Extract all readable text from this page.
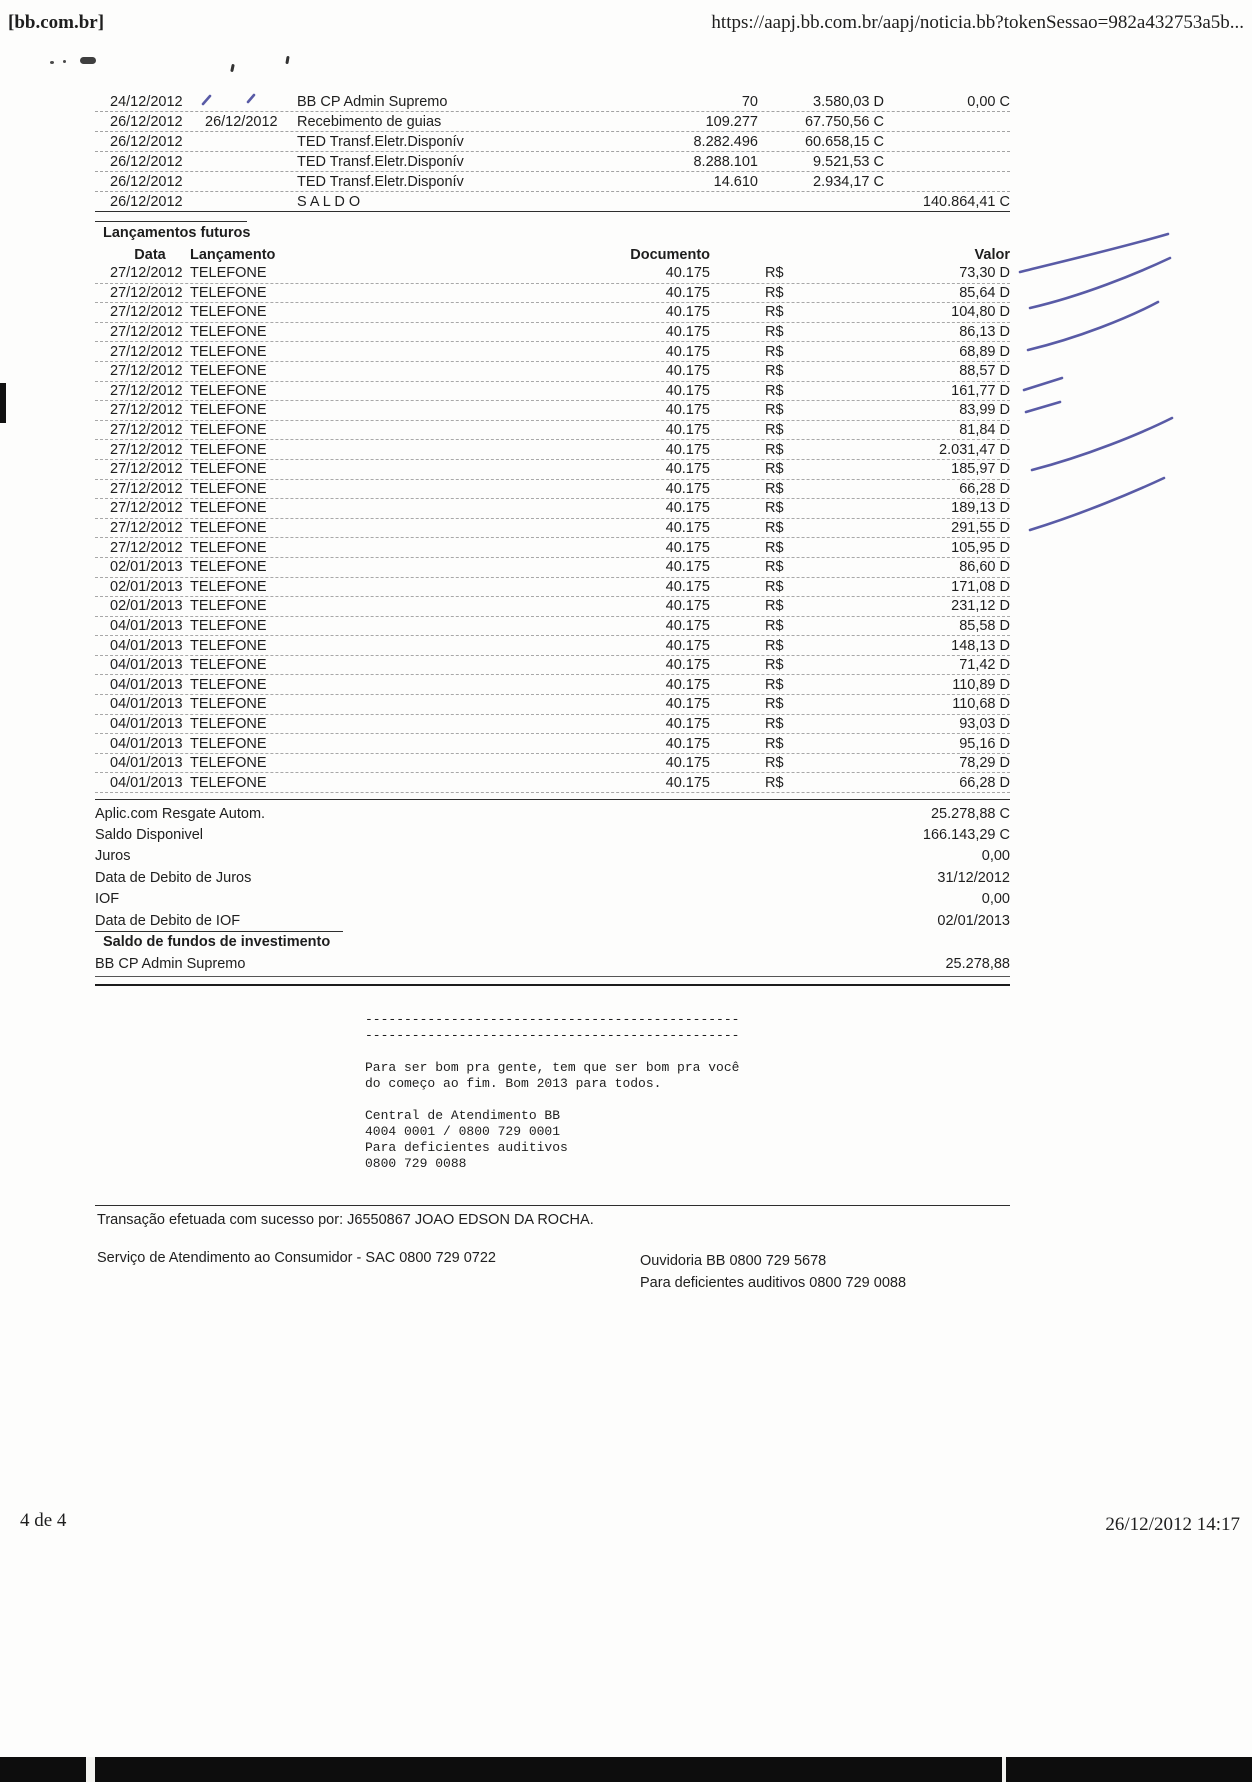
[bb.com.br]	https://aapj.bb.com.br/aapj/noticia.bb?tokenSessao=982a432753a5b...
24/12/2012	BB CP Admin Supremo	70	3.580,03 D	0,00 C
26/12/2012	26/12/2012	Recebimento de guias	109.277	67.750,56 C
26/12/2012	TED Transf.Eletr.Disponív	8.282.496	60.658,15 C
26/12/2012	TED Transf.Eletr.Disponív	8.288.101	9.521,53 C
26/12/2012	TED Transf.Eletr.Disponív	14.610	2.934,17 C
26/12/2012	S A L D O	140.864,41 C
Lançamentos futuros
Data	Lançamento	Documento	Valor
27/12/2012 TELEFONE	40.175	R$	73,30 D
27/12/2012 TELEFONE	40.175	R$	85,64 D
27/12/2012 TELEFONE	40.175	R$	104,80 D
27/12/2012 TELEFONE	40.175	R$	86,13 D
27/12/2012 TELEFONE	40.175	R$	68,89 D
27/12/2012 TELEFONE	40.175	R$	88,57 D
27/12/2012 TELEFONE	40.175	R$	161,77 D
27/12/2012 TELEFONE	40.175	R$	83,99 D
27/12/2012 TELEFONE	40.175	R$	81,84 D
27/12/2012 TELEFONE	40.175	R$	2.031,47 D
27/12/2012 TELEFONE	40.175	R$	185,97 D
27/12/2012 TELEFONE	40.175	R$	66,28 D
27/12/2012 TELEFONE	40.175	R$	189,13 D
27/12/2012 TELEFONE	40.175	R$	291,55 D
27/12/2012 TELEFONE	40.175	R$	105,95 D
02/01/2013 TELEFONE	40.175	R$	86,60 D
02/01/2013 TELEFONE	40.175	R$	171,08 D
02/01/2013 TELEFONE	40.175	R$	231,12 D
04/01/2013 TELEFONE	40.175	R$	85,58 D
04/01/2013 TELEFONE	40.175	R$	148,13 D
04/01/2013 TELEFONE	40.175	R$	71,42 D
04/01/2013 TELEFONE	40.175	R$	110,89 D
04/01/2013 TELEFONE	40.175	R$	110,68 D
04/01/2013 TELEFONE	40.175	R$	93,03 D
04/01/2013 TELEFONE	40.175	R$	95,16 D
04/01/2013 TELEFONE	40.175	R$	78,29 D
04/01/2013 TELEFONE	40.175	R$	66,28 D
Aplic.com Resgate Autom.	25.278,88 C
Saldo Disponivel	166.143,29 C
Juros	0,00
Data de Debito de Juros	31/12/2012
IOF	0,00
Data de Debito de IOF	02/01/2013
Saldo de fundos de investimento
BB CP Admin Supremo	25.278,88
------------------------------------------------
------------------------------------------------

Para ser bom pra gente, tem que ser bom pra você
do começo ao fim. Bom 2013 para todos.

Central de Atendimento BB
4004 0001 / 0800 729 0001
Para deficientes auditivos
0800 729 0088
Transação efetuada com sucesso por: J6550867 JOAO EDSON DA ROCHA.
Serviço de Atendimento ao Consumidor - SAC 0800 729 0722	Ouvidoria BB 0800 729 5678
Para deficientes auditivos 0800 729 0088
4 de 4	26/12/2012 14:17
